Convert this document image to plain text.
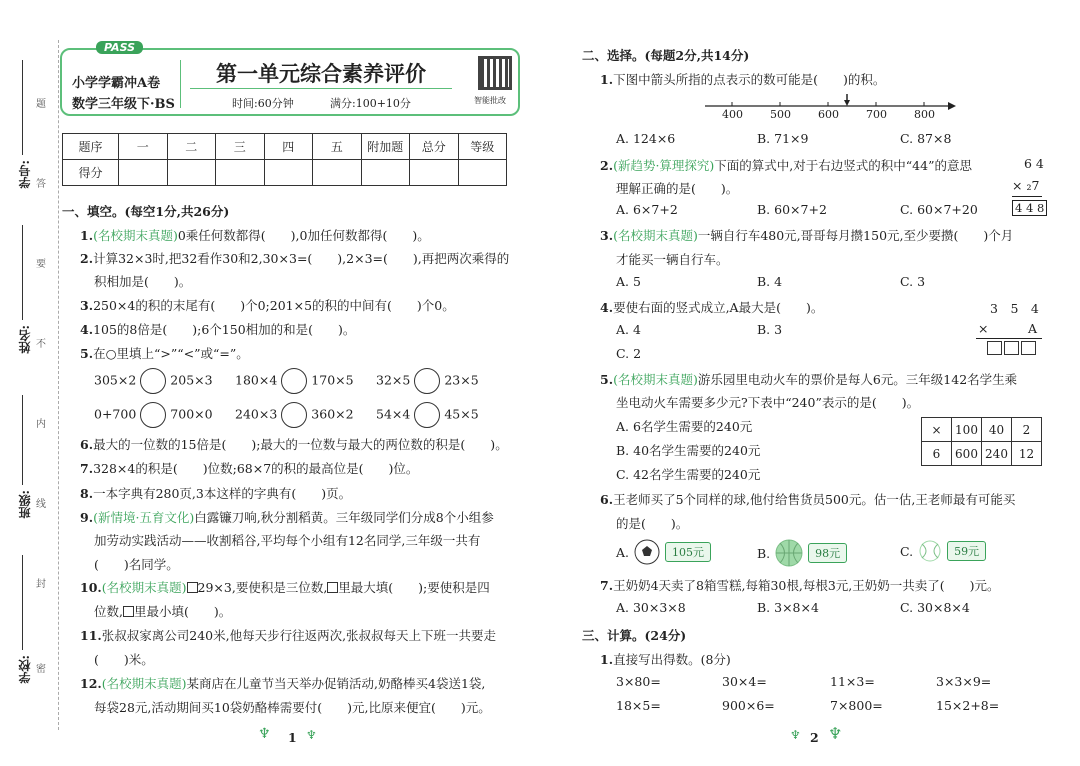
题
答
要
不
内
线
封
密
学号:
姓名:
班级:
学校:
PASS
小学学霸冲A卷
数学三年级下·BS
第一单元综合素养评价
时间:60分钟	满分:100+10分	智能批改
题序	一	二	三	四	五	附加题	总分	等级
得分								
一、填空。(每空1分,共26分)
1.(名校期末真题)0乘任何数都得(　　),0加任何数都得(　　)。
2.计算32×3时,把32看作30和2,30×3=(　　),2×3=(　　),再把两次乘得的
积相加是(　　)。
3.250×4的积的末尾有(　　)个0;201×5的积的中间有(　　)个0。
4.105的8倍是(　　);6个150相加的和是(　　)。
5.在○里填上“>”“<”或“=”。
305×2	205×3 180×4	170×5 32×5	23×5
0+700	700×0 240×3	360×2 54×4	45×5
6.最大的一位数的15倍是(　　);最大的一位数与最大的两位数的积是(　　)。
7.328×4的积是(　　)位数;68×7的积的最高位是(　　)位。
8.一本字典有280页,3本这样的字典有(　　)页。
9.(新情境·五育文化)白露镰刀响,秋分割稻黄。三年级同学们分成8个小组参
加劳动实践活动——收割稻谷,平均每个小组有12名同学,三年级一共有
(　　)名同学。
10.(名校期末真题) 29×3,要使积是三位数, 里最大填(　　);要使积是四
位数, 里最小填(　　)。
11.张叔叔家离公司240米,他每天步行往返两次,张叔叔每天上下班一共要走
(　　)米。
12.(名校期末真题)某商店在儿童节当天举办促销活动,奶酪棒买4袋送1袋,
每袋28元,活动期间买10袋奶酪棒需要付(　　)元,比原来便宜(　　)元。
♆ 1 ♆
二、选择。(每题2分,共14分)
1.下图中箭头所指的点表示的数可能是(　　)的积。
400 500 600 700 800
A. 124×6	B. 71×9	C. 87×8
2.(新趋势·算理探究)下面的算式中,对于右边竖式的积中“44”的意思
理解正确的是(　　)。
6 4
× ₂7
4 4 8
A. 6×7+2	B. 60×7+2	C. 60×7+20
3.(名校期末真题)一辆自行车480元,哥哥每月攒150元,至少要攒(　　)个月
才能买一辆自行车。
A. 5	B. 4	C. 3
4.要使右面的竖式成立,A最大是(　　)。	3　5　4
×	A
A. 4	B. 3
C. 2
5.(名校期末真题)游乐园里电动火车的票价是每人6元。三年级142名学生乘
坐电动火车需要多少元?下表中“240”表示的是(　　)。
A. 6名学生需要的240元
B. 40名学生需要的240元
C. 42名学生需要的240元
×	100	40	2
6	600	240	12
6.王老师买了5个同样的球,他付给售货员500元。估一估,王老师最有可能买
的是(　　)。
A.	105元	B.	98元	C.	59元
7.王奶奶4天卖了8箱雪糕,每箱30根,每根3元,王奶奶一共卖了(　　)元。
A. 30×3×8	B. 3×8×4	C. 30×8×4
三、计算。(24分)
1.直接写出得数。(8分)
3×80=	30×4=	11×3=	3×3×9=
18×5=	900×6=	7×800=	15×2+8=
♆ 2 ♆
